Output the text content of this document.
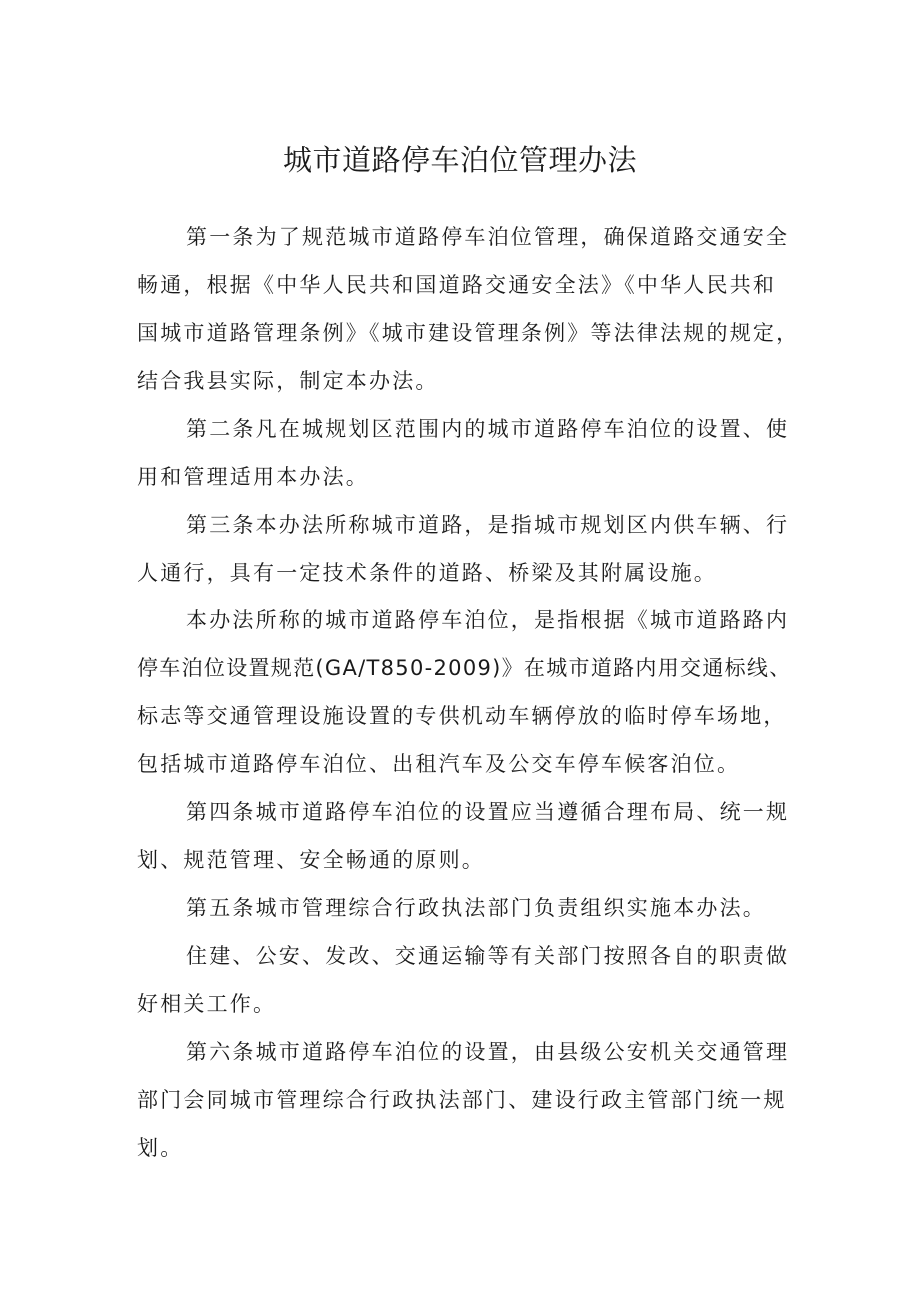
城市道路停车泊位管理办法
第一条为了规范城市道路停车泊位管理，确保道路交通安全
畅通，根据《中华人民共和国道路交通安全法》《中华人民共和
国城市道路管理条例》《城市建设管理条例》等法律法规的规定，
结合我县实际，制定本办法。
第二条凡在城规划区范围内的城市道路停车泊位的设置、使
用和管理适用本办法。
第三条本办法所称城市道路，是指城市规划区内供车辆、行
人通行，具有一定技术条件的道路、桥梁及其附属设施。
本办法所称的城市道路停车泊位，是指根据《城市道路路内
停车泊位设置规范(GA/T850-2009)》在城市道路内用交通标线、
标志等交通管理设施设置的专供机动车辆停放的临时停车场地，
包括城市道路停车泊位、出租汽车及公交车停车候客泊位。
第四条城市道路停车泊位的设置应当遵循合理布局、统一规
划、规范管理、安全畅通的原则。
第五条城市管理综合行政执法部门负责组织实施本办法。
住建、公安、发改、交通运输等有关部门按照各自的职责做
好相关工作。
第六条城市道路停车泊位的设置，由县级公安机关交通管理
部门会同城市管理综合行政执法部门、建设行政主管部门统一规
划。
